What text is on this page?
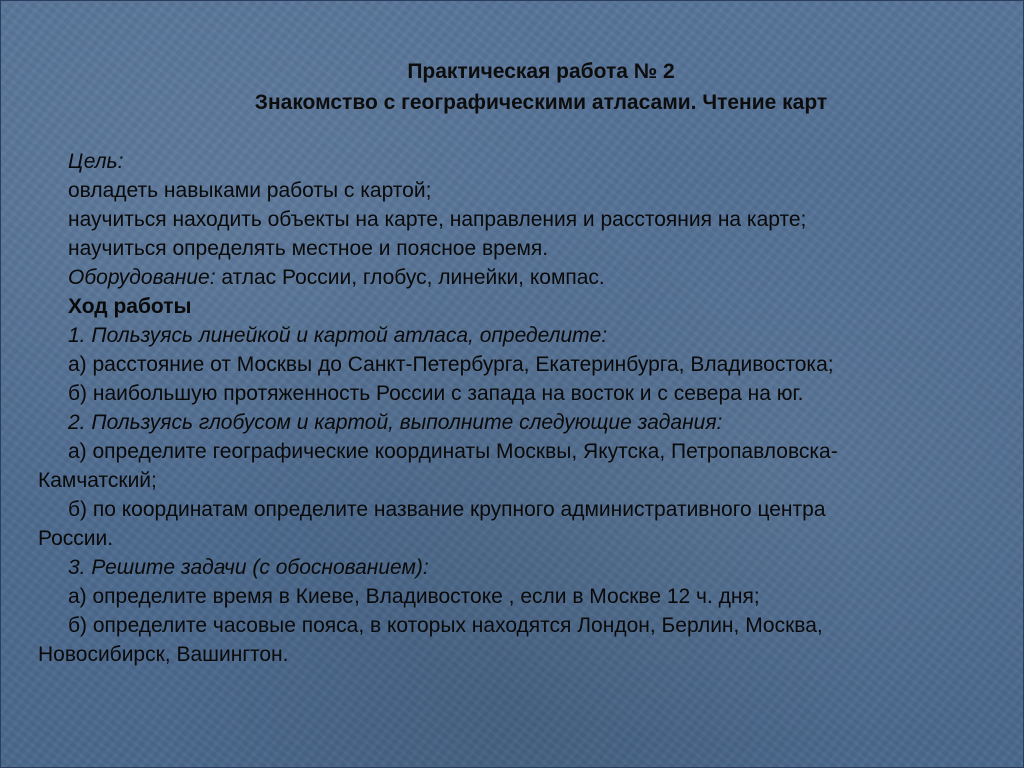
Практическая работа № 2
Знакомство с географическими атласами. Чтение карт

Цель:

овладеть навыками работы с картой;

научиться находить объекты на карте, направления и расстояния на карте;

научиться определять местное и поясное время.

Оборудование: атлас России, глобус, линейки, компас.

Ход работы

1. Пользуясь линейкой и картой атласа, определите:

а) расстояние от Москвы до Санкт-Петербурга, Екатеринбурга, Владивостока;

б) наибольшую протяженность России с запада на восток и с севера на юг.

2. Пользуясь глобусом и картой, выполните следующие задания:

а) определите географические координаты Москвы, Якутска, Петропавловска-

Камчатский;

б) по координатам определите название крупного административного центра

России.

3. Решите задачи (с обоснованием):

а) определите время в Киеве, Владивостоке , если в Москве 12 ч. дня;

б) определите часовые пояса, в которых находятся Лондон, Берлин, Москва,

Новосибирск, Вашингтон.
